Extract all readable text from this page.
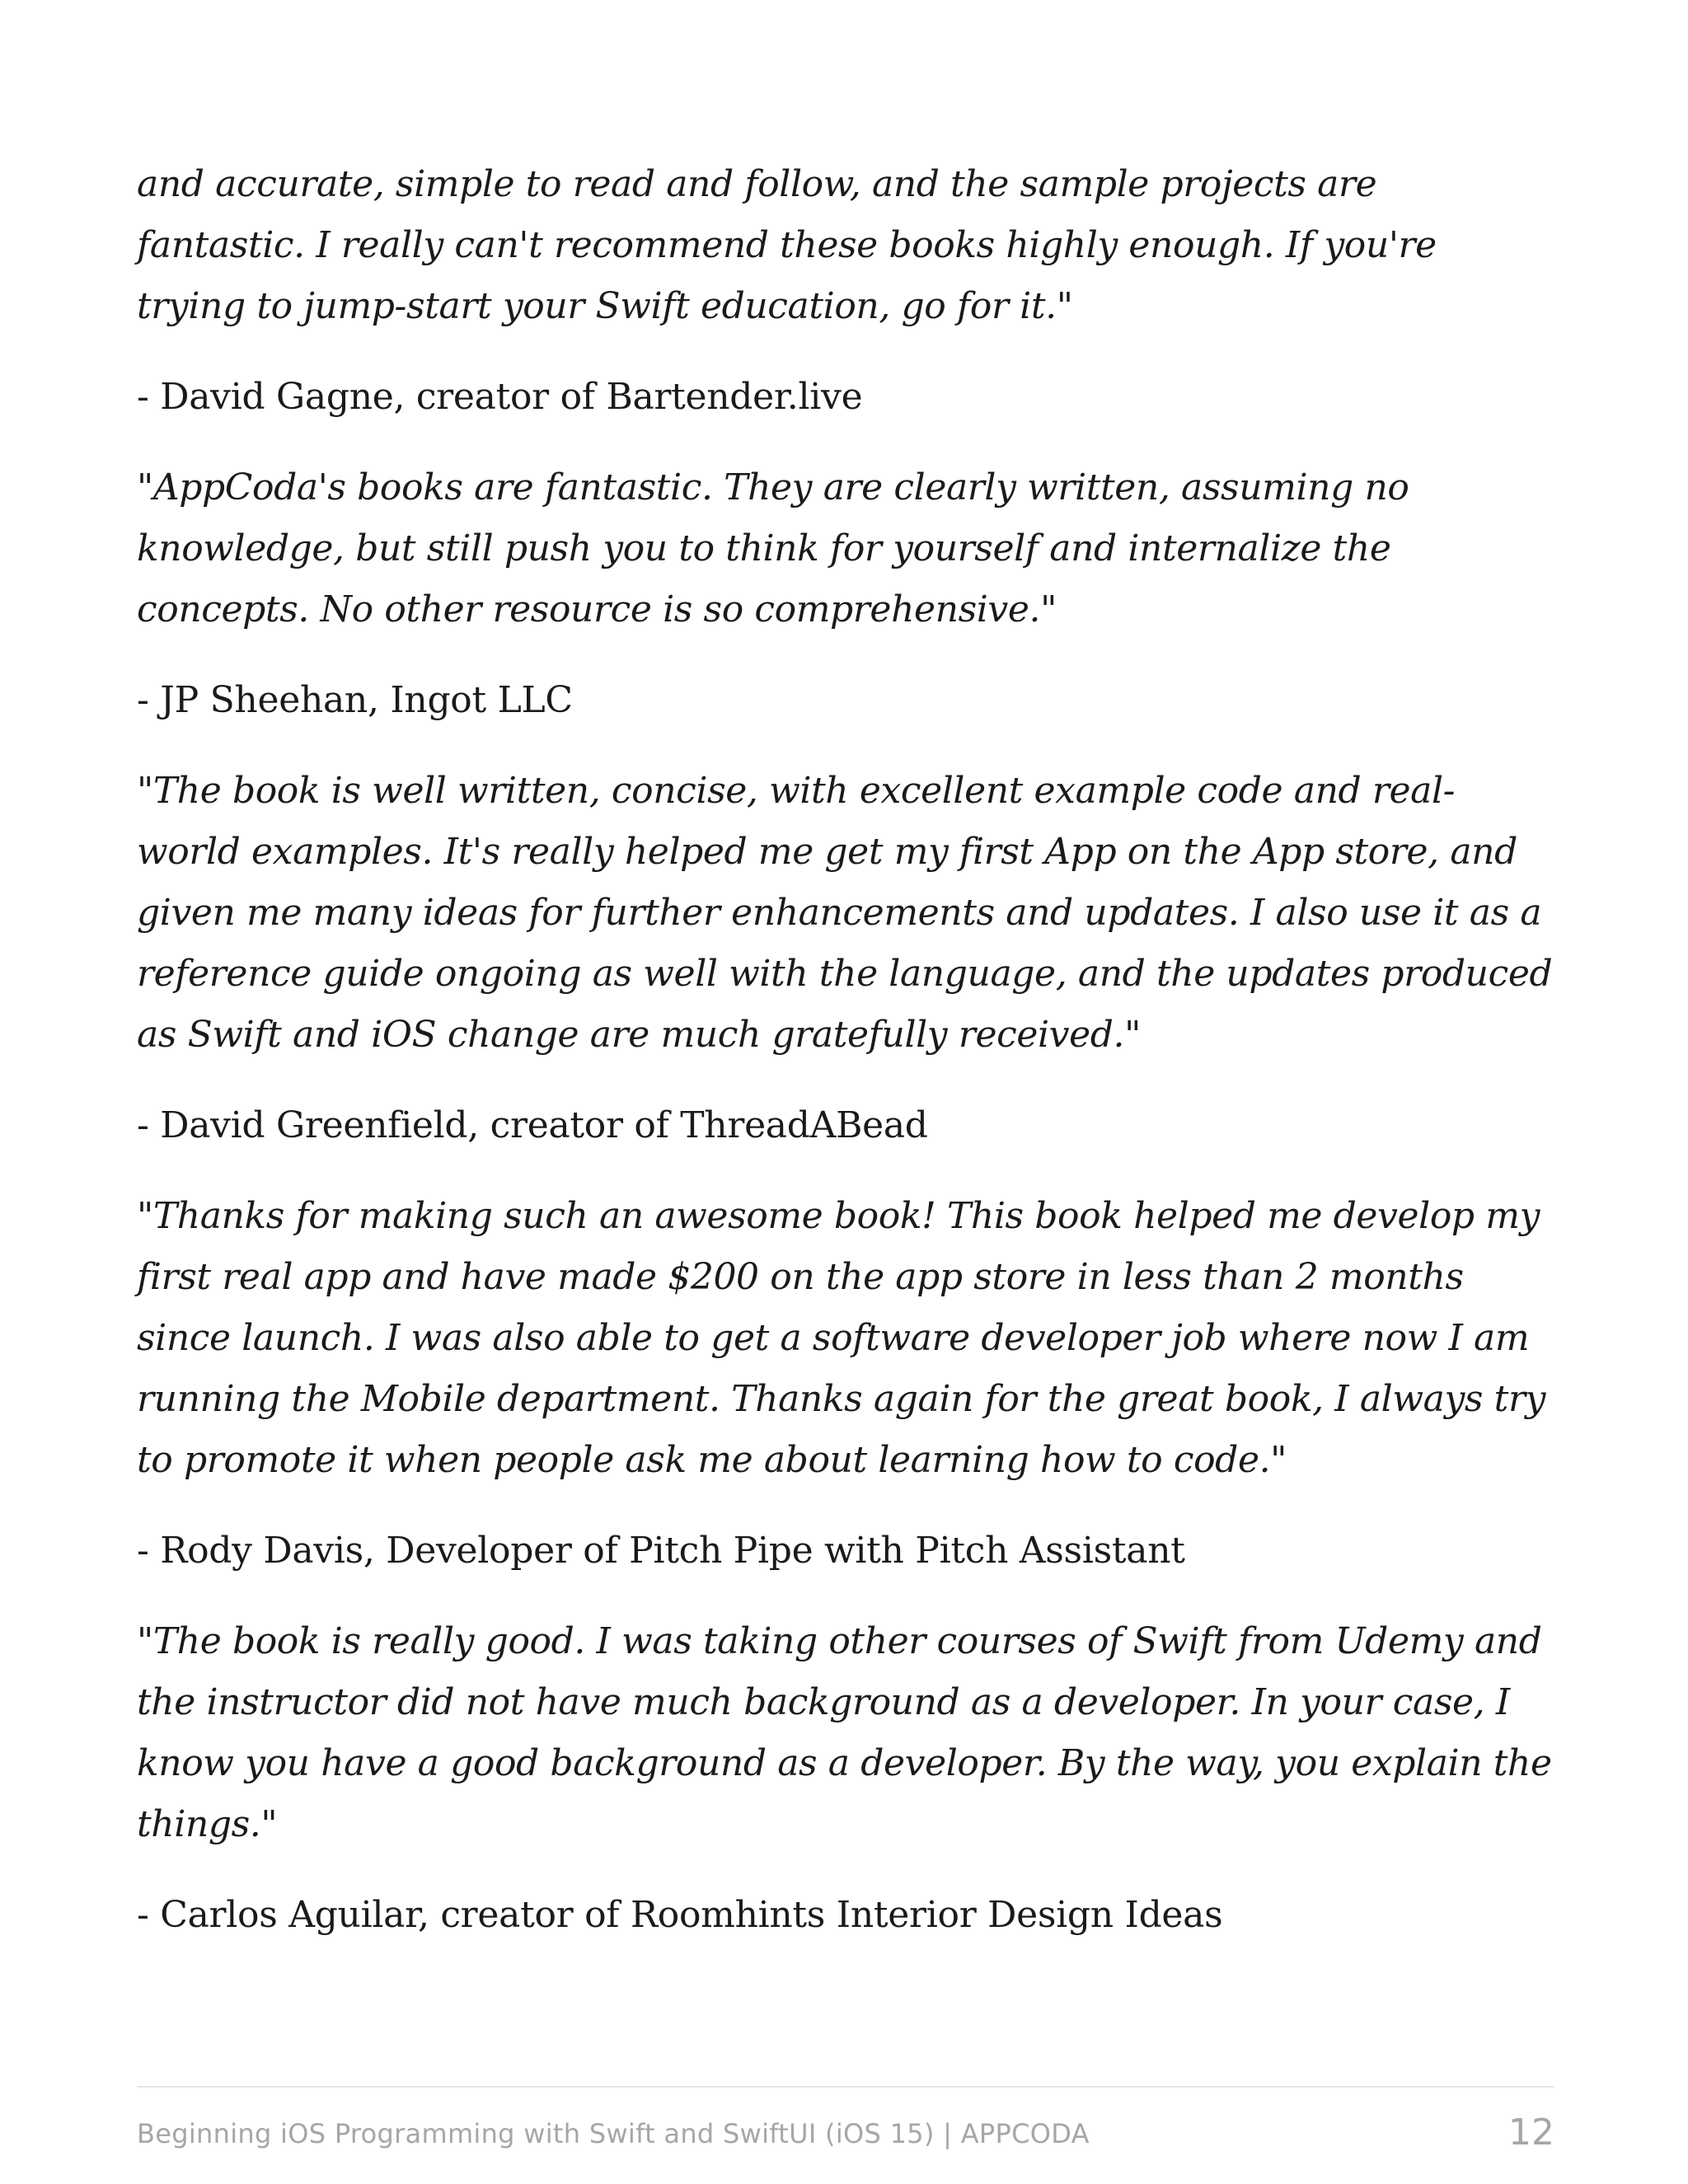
and accurate, simple to read and follow, and the sample projects are fantastic. I really can't recommend these books highly enough. If you're trying to jump-start your Swift education, go for it."

- David Gagne, creator of Bartender.live

"AppCoda's books are fantastic. They are clearly written, assuming no knowledge, but still push you to think for yourself and internalize the concepts. No other resource is so comprehensive."

- JP Sheehan, Ingot LLC

"The book is well written, concise, with excellent example code and real-world examples. It's really helped me get my first App on the App store, and given me many ideas for further enhancements and updates. I also use it as a reference guide ongoing as well with the language, and the updates produced as Swift and iOS change are much gratefully received."

- David Greenfield, creator of ThreadABead

"Thanks for making such an awesome book! This book helped me develop my first real app and have made $200 on the app store in less than 2 months since launch. I was also able to get a software developer job where now I am running the Mobile department. Thanks again for the great book, I always try to promote it when people ask me about learning how to code."

- Rody Davis, Developer of Pitch Pipe with Pitch Assistant

"The book is really good. I was taking other courses of Swift from Udemy and the instructor did not have much background as a developer. In your case, I know you have a good background as a developer. By the way, you explain the things."

- Carlos Aguilar, creator of Roomhints Interior Design Ideas

Beginning iOS Programming with Swift and SwiftUI (iOS 15) | APPCODA	12
